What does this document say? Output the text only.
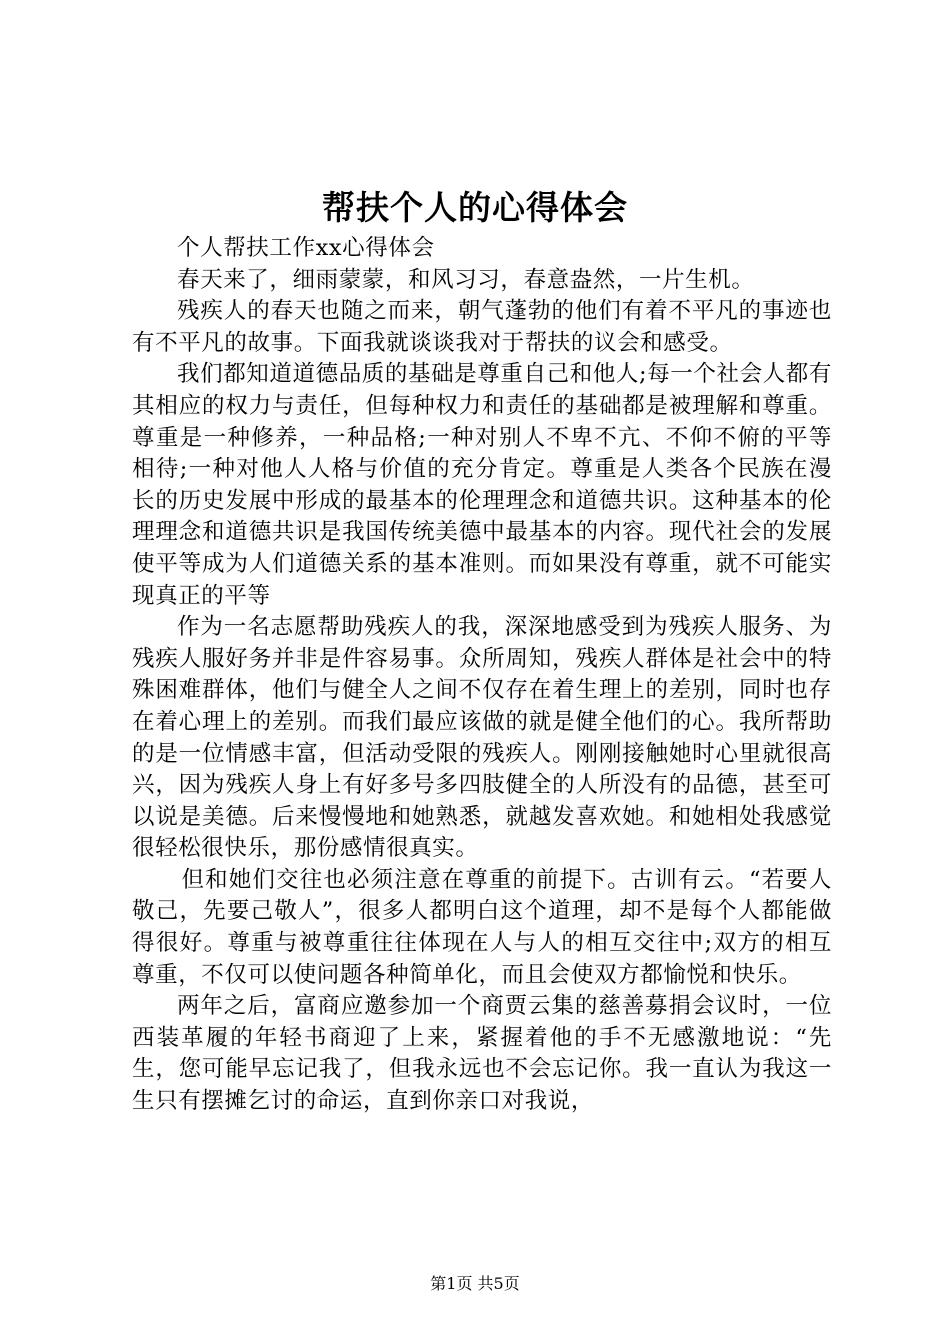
帮扶个人的心得体会

个人帮扶工作xx心得体会

春天来了，细雨蒙蒙，和风习习，春意盎然，一片生机。

残疾人的春天也随之而来，朝气蓬勃的他们有着不平凡的事迹也有不平凡的故事。下面我就谈谈我对于帮扶的议会和感受。

我们都知道道德品质的基础是尊重自己和他人;每一个社会人都有其相应的权力与责任，但每种权力和责任的基础都是被理解和尊重。尊重是一种修养，一种品格;一种对别人不卑不亢、不仰不俯的平等相待;一种对他人人格与价值的充分肯定。尊重是人类各个民族在漫长的历史发展中形成的最基本的伦理理念和道德共识。这种基本的伦理理念和道德共识是我国传统美德中最基本的内容。现代社会的发展使平等成为人们道德关系的基本准则。而如果没有尊重，就不可能实现真正的平等

作为一名志愿帮助残疾人的我，深深地感受到为残疾人服务、为残疾人服好务并非是件容易事。众所周知，残疾人群体是社会中的特殊困难群体，他们与健全人之间不仅存在着生理上的差别，同时也存在着心理上的差别。而我们最应该做的就是健全他们的心。我所帮助的是一位情感丰富，但活动受限的残疾人。刚刚接触她时心里就很高兴，因为残疾人身上有好多号多四肢健全的人所没有的品德，甚至可以说是美德。后来慢慢地和她熟悉，就越发喜欢她。和她相处我感觉很轻松很快乐，那份感情很真实。

但和她们交往也必须注意在尊重的前提下。古训有云。“若要人敬己，先要己敬人”，很多人都明白这个道理，却不是每个人都能做得很好。尊重与被尊重往往体现在人与人的相互交往中;双方的相互尊重，不仅可以使问题各种简单化，而且会使双方都愉悦和快乐。

两年之后，富商应邀参加一个商贾云集的慈善募捐会议时，一位西装革履的年轻书商迎了上来，紧握着他的手不无感激地说：“先生，您可能早忘记我了，但我永远也不会忘记你。我一直认为我这一生只有摆摊乞讨的命运，直到你亲口对我说，

第1页 共5页
